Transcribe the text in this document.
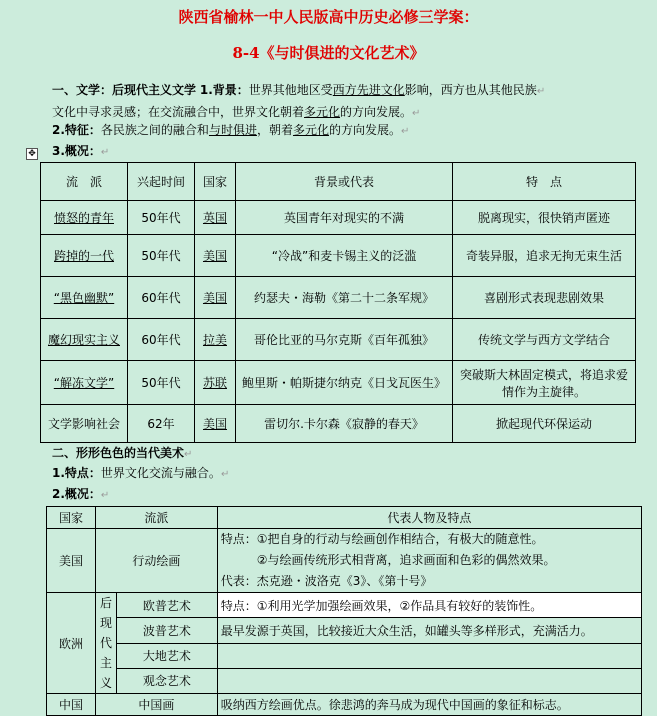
陕西省榆林一中人民版高中历史必修三学案：
8-4《与时俱进的文化艺术》
一、文学：后现代主义文学 1.背景：世界其他地区受西方先进文化影响，西方也从其他民族↵
文化中寻求灵感；在交流融合中，世界文化朝着多元化的方向发展。↵
2.特征：各民族之间的融合和与时俱进，朝着多元化的方向发展。↵
✥ 3.概况：↵
流　派	兴起时间	国家	背景或代表	特　点
愤怒的青年	50年代	英国	英国青年对现实的不满	脱离现实，很快销声匿迹
跨掉的一代	50年代	美国	“冷战”和麦卡锡主义的泛滥	奇装异服，追求无拘无束生活
“黑色幽默”	60年代	美国	约瑟夫・海勒《第二十二条军规》	喜剧形式表现悲剧效果
魔幻现实主义	60年代	拉美	哥伦比亚的马尔克斯《百年孤独》	传统文学与西方文学结合
“解冻文学”	50年代	苏联	鲍里斯・帕斯捷尔纳克《日戈瓦医生》	突破斯大林固定模式，将追求爱情作为主旋律。
文学影响社会	62年	美国	雷切尔.卡尔森《寂静的春天》	掀起现代环保运动
二、形形色色的当代美术↵
1.特点：世界文化交流与融合。↵
2.概况：↵
国家	流派		代表人物及特点
美国	行动绘画		特点：①把自身的行动与绘画创作相结合，有极大的随意性。
②与绘画传统形式相背离，追求画面和色彩的偶然效果。
代表：杰克逊・波洛克《3》、《第十号》

欧洲	后现代主义	欧普艺术	特点：①利用光学加强绘画效果，②作品具有较好的装饰性。
		波普艺术	最早发源于英国，比较接近大众生活，如罐头等多样形式，充满活力。
		大地艺术	
		观念艺术	
中国	中国画		吸纳西方绘画优点。徐悲鸿的奔马成为现代中国画的象征和标志。
